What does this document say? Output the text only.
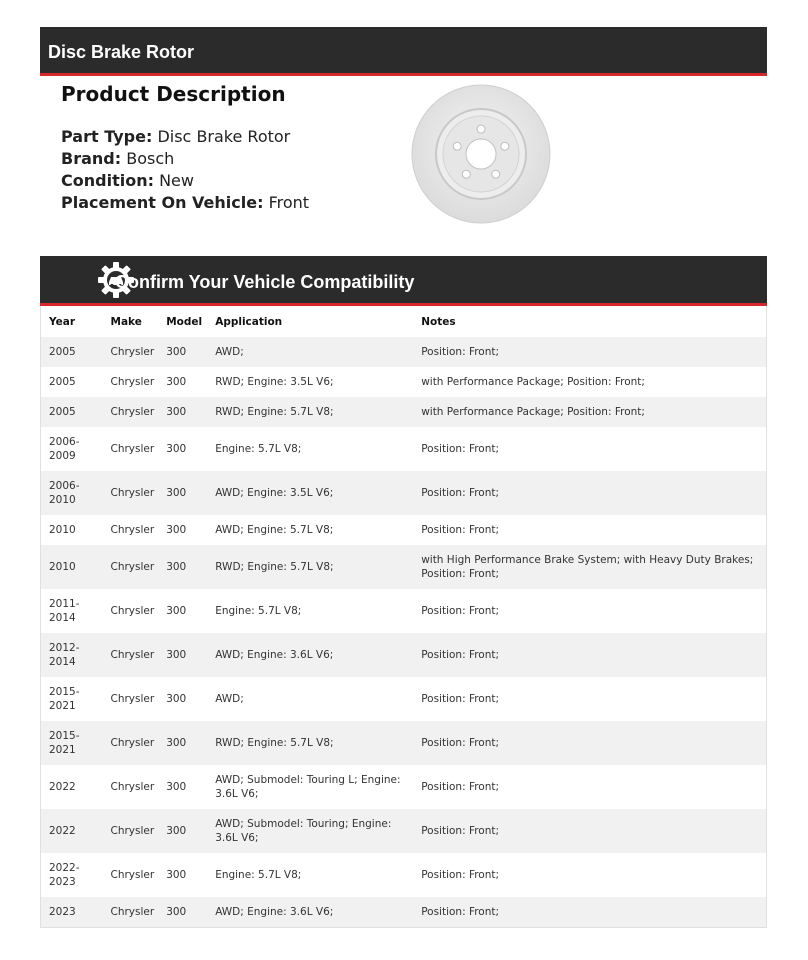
Disc Brake Rotor
Product Description
Part Type: Disc Brake Rotor
Brand: Bosch
Condition: New
Placement On Vehicle: Front
Confirm Your Vehicle Compatibility
Year	Make	Model	Application	Notes
2005	Chrysler	300	AWD;	Position: Front;
2005	Chrysler	300	RWD; Engine: 3.5L V6;	with Performance Package; Position: Front;
2005	Chrysler	300	RWD; Engine: 5.7L V8;	with Performance Package; Position: Front;
2006-2009	Chrysler	300	Engine: 5.7L V8;	Position: Front;
2006-2010	Chrysler	300	AWD; Engine: 3.5L V6;	Position: Front;
2010	Chrysler	300	AWD; Engine: 5.7L V8;	Position: Front;
2010	Chrysler	300	RWD; Engine: 5.7L V8;	with High Performance Brake System; with Heavy Duty Brakes; Position: Front;
2011-2014	Chrysler	300	Engine: 5.7L V8;	Position: Front;
2012-2014	Chrysler	300	AWD; Engine: 3.6L V6;	Position: Front;
2015-2021	Chrysler	300	AWD;	Position: Front;
2015-2021	Chrysler	300	RWD; Engine: 5.7L V8;	Position: Front;
2022	Chrysler	300	AWD; Submodel: Touring L; Engine: 3.6L V6;	Position: Front;
2022	Chrysler	300	AWD; Submodel: Touring; Engine: 3.6L V6;	Position: Front;
2022-2023	Chrysler	300	Engine: 5.7L V8;	Position: Front;
2023	Chrysler	300	AWD; Engine: 3.6L V6;	Position: Front;
